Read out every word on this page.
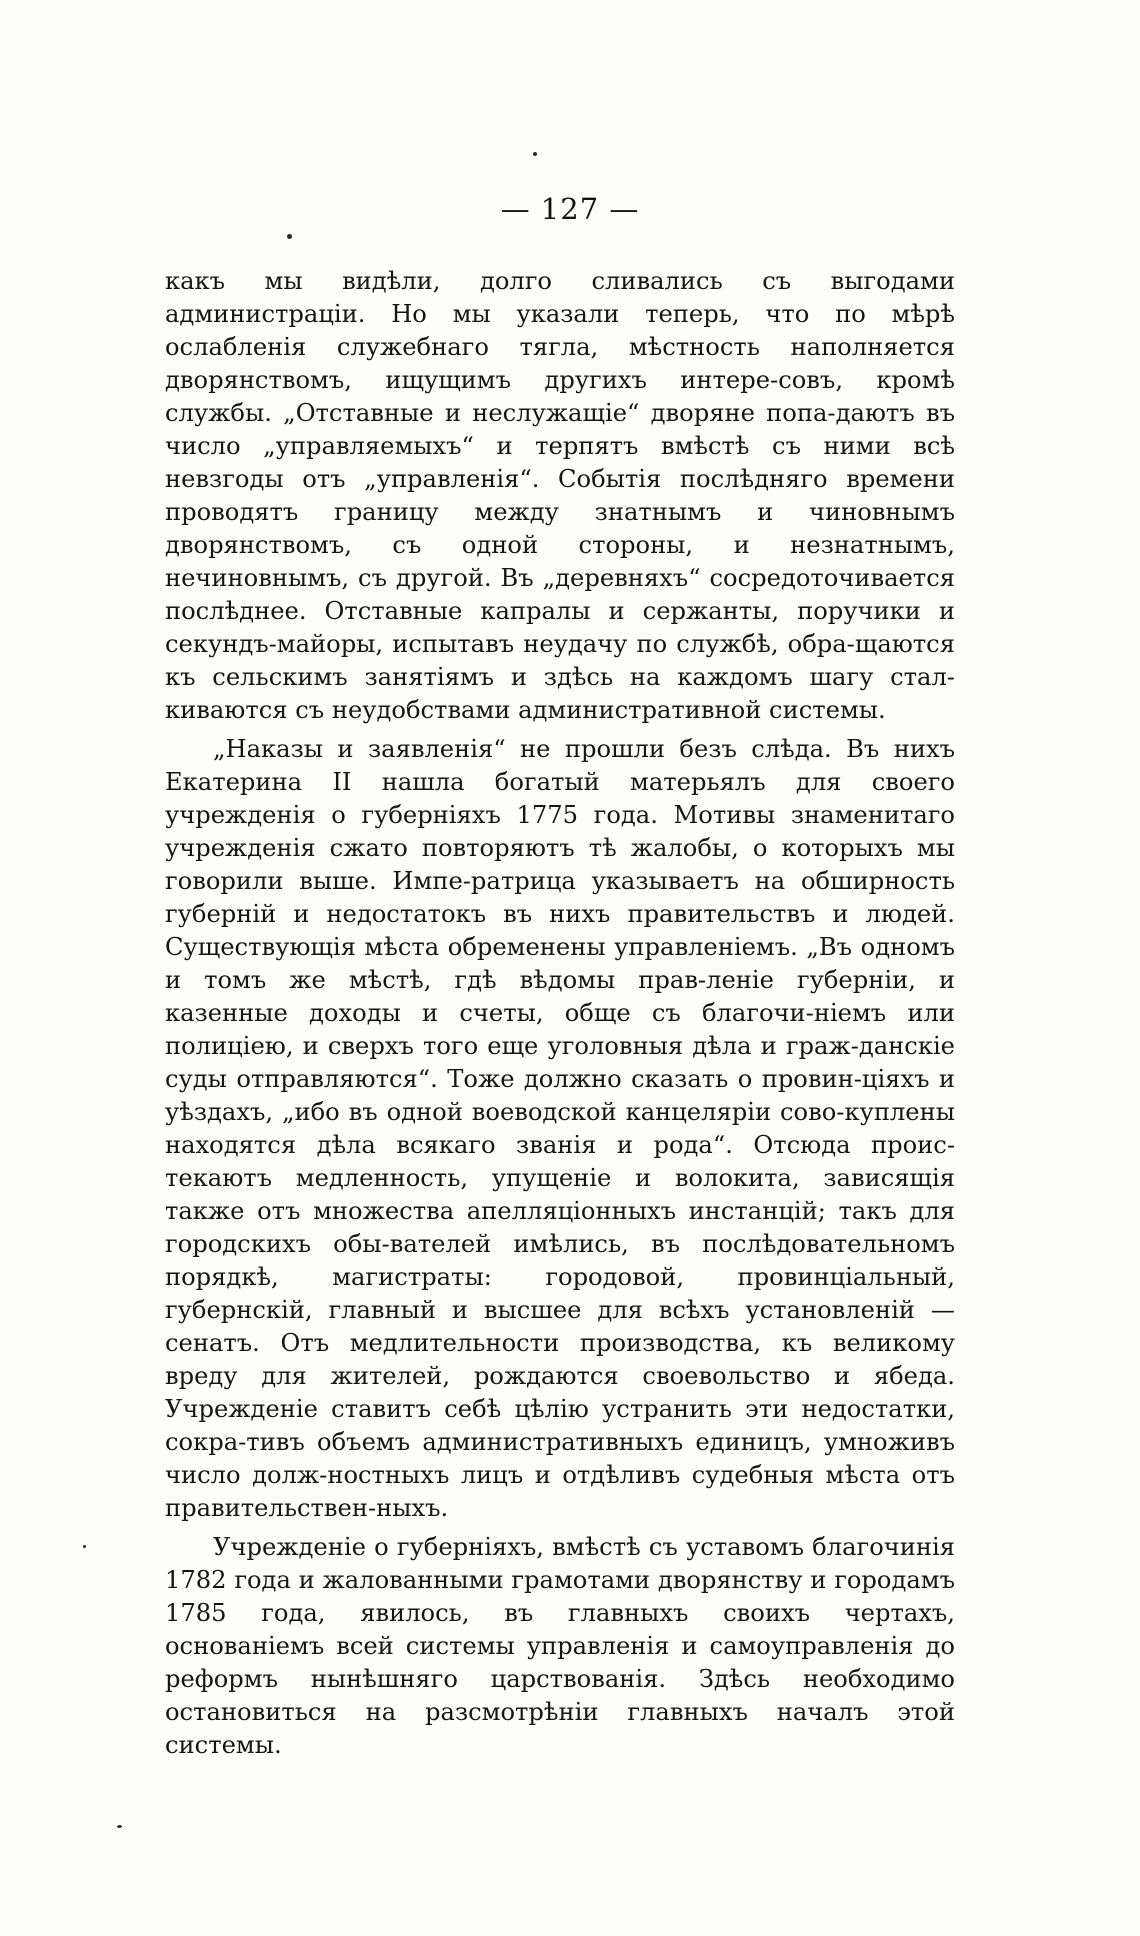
— 127 —

какъ мы видѣли, долго сливались съ выгодами администраціи. Но мы указали теперь, что по мѣрѣ ослабленія служебнаго тягла, мѣстность наполняется дворянствомъ, ищущимъ другихъ интере-совъ, кромѣ службы. „Отставные и неслужащіе“ дворяне попа-даютъ въ число „управляемыхъ“ и терпятъ вмѣстѣ съ ними всѣ невзгоды отъ „управленія“. Событія послѣдняго времени проводятъ границу между знатнымъ и чиновнымъ дворянствомъ, съ одной стороны, и незнатнымъ, нечиновнымъ, съ другой. Въ „деревняхъ“ сосредоточивается послѣднее. Отставные капралы и сержанты, поручики и секундъ-майоры, испытавъ неудачу по службѣ, обра-щаются къ сельскимъ занятіямъ и здѣсь на каждомъ шагу стал-киваются съ неудобствами административной системы.

„Наказы и заявленія“ не прошли безъ слѣда. Въ нихъ Екатерина II нашла богатый матерьялъ для своего учрежденія о губерніяхъ 1775 года. Мотивы знаменитаго учрежденія сжато повторяютъ тѣ жалобы, о которыхъ мы говорили выше. Импе-ратрица указываетъ на обширность губерній и недостатокъ въ нихъ правительствъ и людей. Существующія мѣста обременены управленіемъ. „Въ одномъ и томъ же мѣстѣ, гдѣ вѣдомы прав-леніе губерніи, и казенные доходы и счеты, обще съ благочи-ніемъ или полиціею, и сверхъ того еще уголовныя дѣла и граж-данскіе суды отправляются“. Тоже должно сказать о провин-ціяхъ и уѣздахъ, „ибо въ одной воеводской канцеляріи сово-куплены находятся дѣла всякаго званія и рода“. Отсюда проис-текаютъ медленность, упущеніе и волокита, зависящія также отъ множества апелляціонныхъ инстанцій; такъ для городскихъ обы-вателей имѣлись, въ послѣдовательномъ порядкѣ, магистраты: городовой, провинціальный, губернскій, главный и высшее для всѣхъ установленій — сенатъ. Отъ медлительности производства, къ великому вреду для жителей, рождаются своевольство и ябеда. Учрежденіе ставитъ себѣ цѣлію устранить эти недостатки, сокра-тивъ объемъ административныхъ единицъ, умноживъ число долж-ностныхъ лицъ и отдѣливъ судебныя мѣста отъ правительствен-ныхъ.

Учрежденіе о губерніяхъ, вмѣстѣ съ уставомъ благочинія 1782 года и жалованными грамотами дворянству и городамъ 1785 года, явилось, въ главныхъ своихъ чертахъ, основаніемъ всей системы управленія и самоуправленія до реформъ нынѣшняго царствованія. Здѣсь необходимо остановиться на разсмотрѣніи главныхъ началъ этой системы.
